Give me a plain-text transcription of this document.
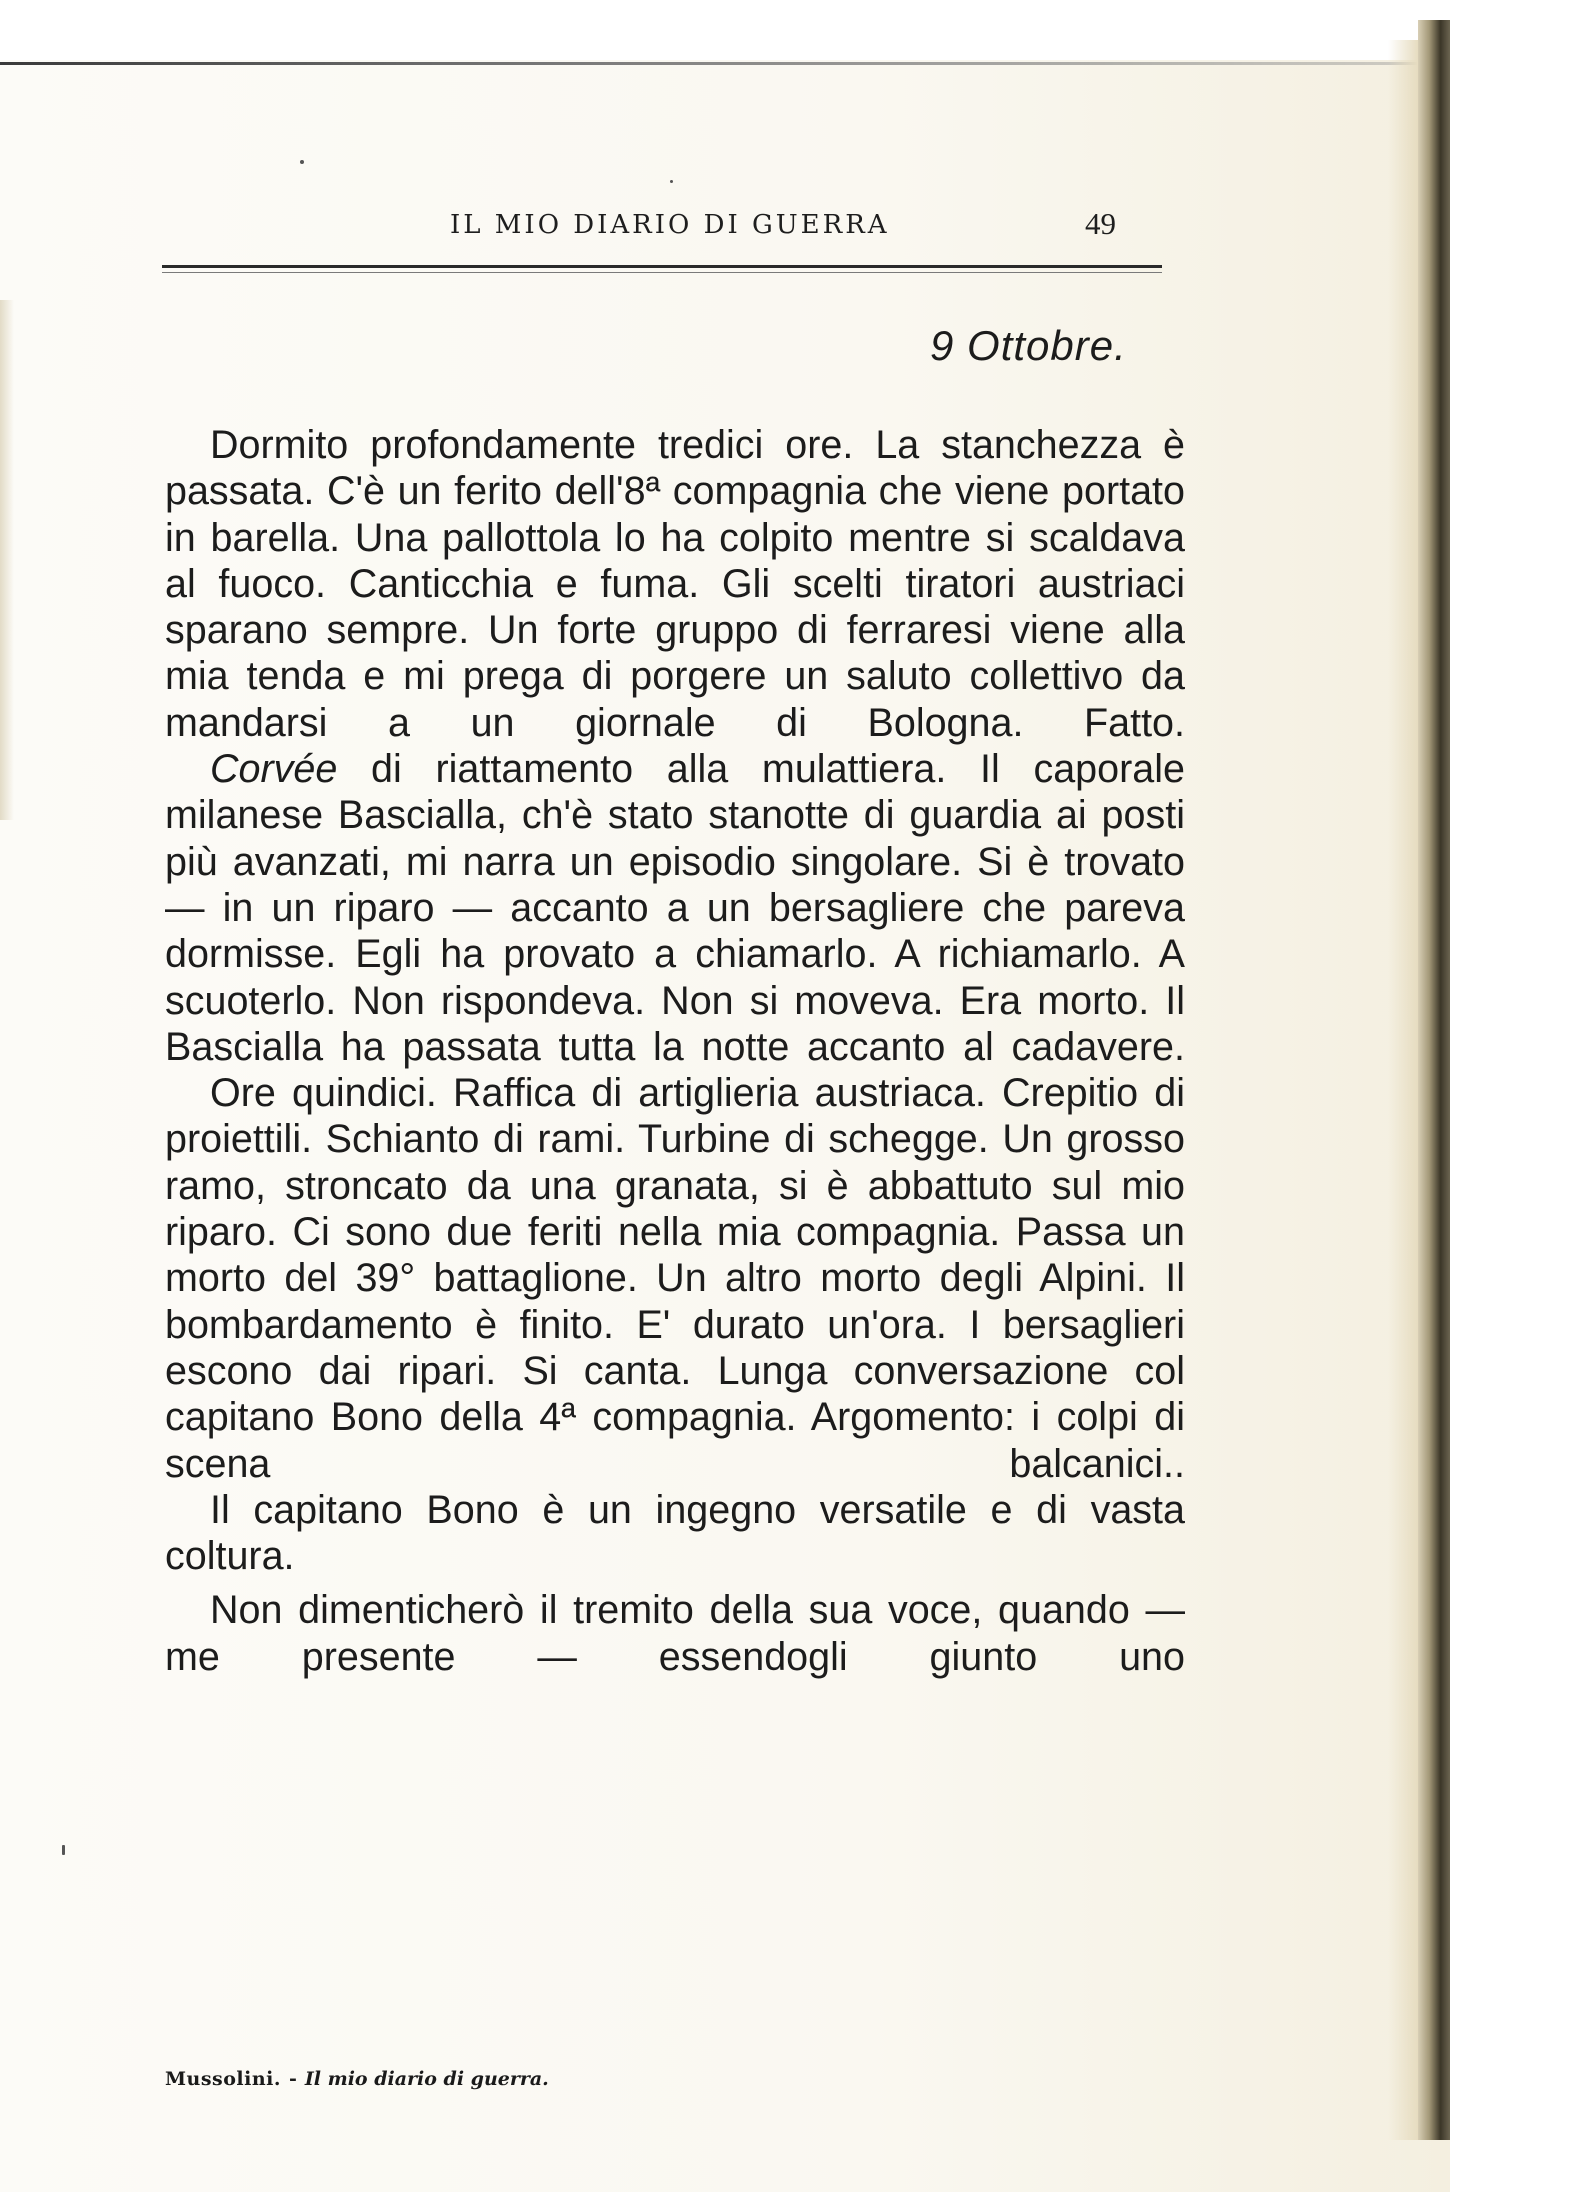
IL MIO DIARIO DI GUERRA	49
9 Ottobre.

Dormito profondamente tredici ore. La stanchezza è passata. C'è un ferito dell'8ª compagnia che viene portato in barella. Una pallottola lo ha colpito mentre si scaldava al fuoco. Canticchia e fuma. Gli scelti tiratori austriaci sparano sempre. Un forte gruppo di ferraresi viene alla mia tenda e mi prega di porgere un saluto collettivo da mandarsi a un giornale di Bologna. Fatto.

Corvée di riattamento alla mulattiera. Il caporale milanese Bascialla, ch'è stato stanotte di guardia ai posti più avanzati, mi narra un episodio singolare. Si è trovato — in un riparo — accanto a un bersagliere che pareva dormisse. Egli ha provato a chiamarlo. A richiamarlo. A scuoterlo. Non rispondeva. Non si moveva. Era morto. Il Bascialla ha passata tutta la notte accanto al cadavere.

Ore quindici. Raffica di artiglieria austriaca. Crepitio di proiettili. Schianto di rami. Turbine di schegge. Un grosso ramo, stroncato da una granata, si è abbattuto sul mio riparo. Ci sono due feriti nella mia compagnia. Passa un morto del 39° battaglione. Un altro morto degli Alpini. Il bombardamento è finito. E' durato un'ora. I bersaglieri escono dai ripari. Si canta. Lunga conversazione col capitano Bono della 4ª compagnia. Argomento: i colpi di scena balcanici..

Il capitano Bono è un ingegno versatile e di vasta coltura.

Non dimenticherò il tremito della sua voce, quando — me presente — essendogli giunto uno

Mussolini. - Il mio diario di guerra.
